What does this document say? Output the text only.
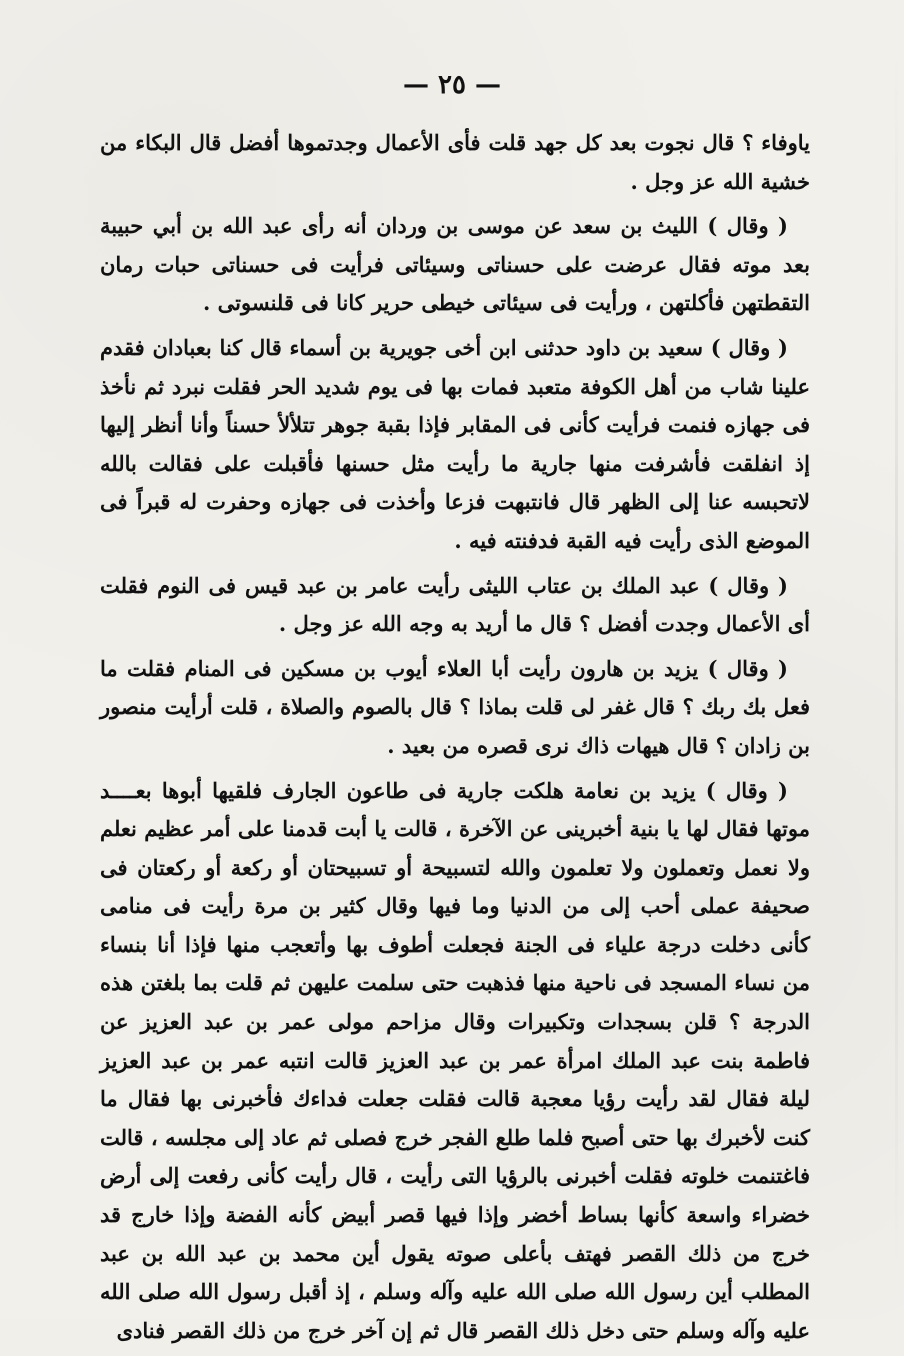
— ٢٥ —

ياوفاء ؟ قال نجوت بعد كل جهد قلت فأى الأعمال وجدتموها أفضل قال البكاء من خشية الله عز وجل .

( وقال ) الليث بن سعد عن موسى بن وردان أنه رأى عبد الله بن أبي حبيبة بعد موته فقال عرضت على حسناتى وسيئاتى فرأيت فى حسناتى حبات رمان التقطتهن فأكلتهن ، ورأيت فى سيئاتى خيطى حرير كانا فى قلنسوتى .

( وقال ) سعيد بن داود حدثنى ابن أخى جويرية بن أسماء قال كنا بعبادان فقدم علينا شاب من أهل الكوفة متعبد فمات بها فى يوم شديد الحر فقلت نبرد ثم نأخذ فى جهازه فنمت فرأيت كأنى فى المقابر فإذا بقبة جوهر تتلألأ حسناً وأنا أنظر إليها إذ انفلقت فأشرفت منها جارية ما رأيت مثل حسنها فأقبلت على فقالت بالله لاتحبسه عنا إلى الظهر قال فانتبهت فزعا وأخذت فى جهازه وحفرت له قبراً فى الموضع الذى رأيت فيه القبة فدفنته فيه .

( وقال ) عبد الملك بن عتاب الليثى رأيت عامر بن عبد قيس فى النوم فقلت أى الأعمال وجدت أفضل ؟ قال ما أريد به وجه الله عز وجل .

( وقال ) يزيد بن هارون رأيت أبا العلاء أيوب بن مسكين فى المنام فقلت ما فعل بك ربك ؟ قال غفر لى قلت بماذا ؟ قال بالصوم والصلاة ، قلت أرأيت منصور بن زادان ؟ قال هيهات ذاك نرى قصره من بعيد .

( وقال ) يزيد بن نعامة هلكت جارية فى طاعون الجارف فلقيها أبوها بعــــد موتها فقال لها يا بنية أخبرينى عن الآخرة ، قالت يا أبت قدمنا على أمر عظيم نعلم ولا نعمل وتعملون ولا تعلمون والله لتسبيحة أو تسبيحتان أو ركعة أو ركعتان فى صحيفة عملى أحب إلى من الدنيا وما فيها وقال كثير بن مرة رأيت فى منامى كأنى دخلت درجة علياء فى الجنة فجعلت أطوف بها وأتعجب منها فإذا أنا بنساء من نساء المسجد فى ناحية منها فذهبت حتى سلمت عليهن ثم قلت بما بلغتن هذه الدرجة ؟ قلن بسجدات وتكبيرات وقال مزاحم مولى عمر بن عبد العزيز عن فاطمة بنت عبد الملك امرأة عمر بن عبد العزيز قالت انتبه عمر بن عبد العزيز ليلة فقال لقد رأيت رؤيا معجبة قالت فقلت جعلت فداءك فأخبرنى بها فقال ما كنت لأخبرك بها حتى أصبح فلما طلع الفجر خرج فصلى ثم عاد إلى مجلسه ، قالت فاغتنمت خلوته فقلت أخبرنى بالرؤيا التى رأيت ، قال رأيت كأنى رفعت إلى أرض خضراء واسعة كأنها بساط أخضر وإذا فيها قصر أبيض كأنه الفضة وإذا خارج قد خرج من ذلك القصر فهتف بأعلى صوته يقول أين محمد بن عبد الله بن عبد المطلب أين رسول الله صلى الله عليه وآله وسلم ، إذ أقبل رسول الله صلى الله عليه وآله وسلم حتى دخل ذلك القصر قال ثم إن آخر خرج من ذلك القصر فنادى
